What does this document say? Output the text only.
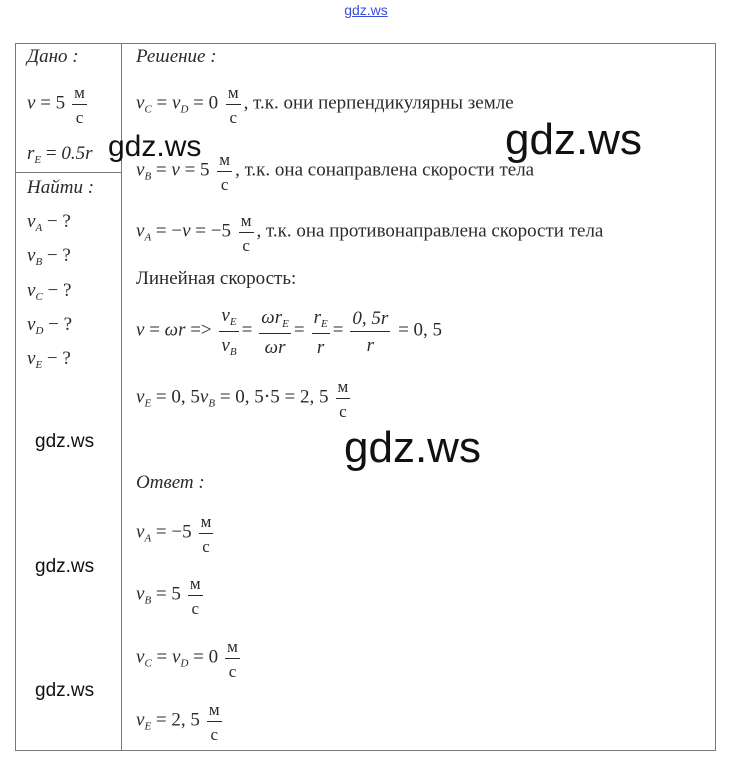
gdz.ws
Дано :
$v = 5 \frac{м}{с}$
$r_E = 0.5r$
Найти :
$v_A$ − ?
$v_B$ − ?
$v_C$ − ?
$v_D$ − ?
$v_E$ − ?
Решение :
$v_C = v_D = 0 \frac{м}{с}$ , т.к. они перпендикулярны земле
$v_B = v = 5 \frac{м}{с}$ , т.к. она сонаправлена скорости тела
$v_A = -v = -5 \frac{м}{с}$ , т.к. она противонаправлена скорости тела
Линейная скорость:
$v = \omega r => \frac{v_E}{v_B} = \frac{\omega r_E}{\omega r} = \frac{r_E}{r} = \frac{0, 5r}{r} = 0$, 5
$v_E = 0$, $5v_B = 0$, 5⋅5 = 2, $5 \frac{м}{с}$
Ответ :
$v_A = -5 \frac{м}{с}$
$v_B = 5 \frac{м}{с}$
$v_C = v_D = 0 \frac{м}{с}$
$v_E = 2$, $5 \frac{м}{с}$
gdz.ws	gdz.ws
gdz.ws
gdz.ws
gdz.ws
gdz.ws
